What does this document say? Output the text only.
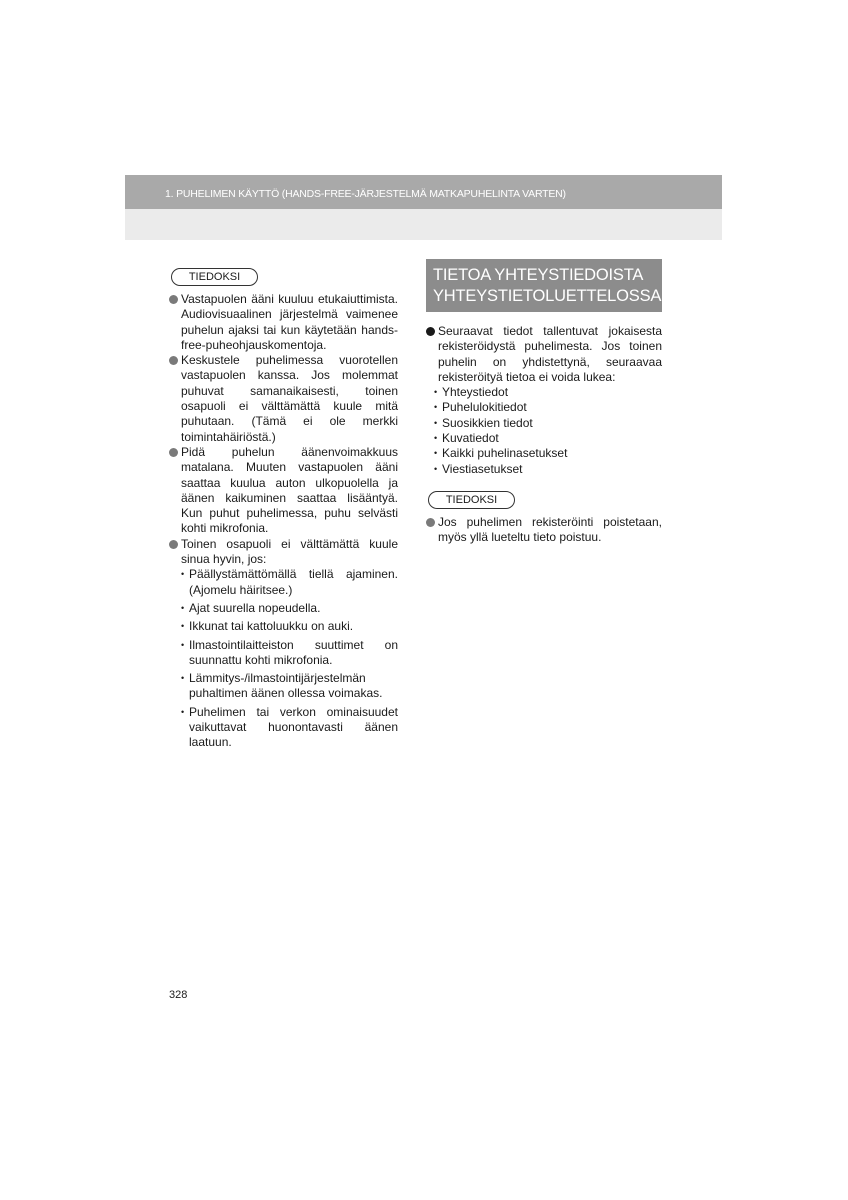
1. PUHELIMEN KÄYTTÖ (HANDS-FREE-JÄRJESTELMÄ MATKAPUHELINTA VARTEN)
TIEDOKSI
Vastapuolen ääni kuuluu etukaiuttimista. Audiovisuaalinen järjestelmä vaimenee puhelun ajaksi tai kun käytetään hands-free-puheohjauskomentoja.
Keskustele puhelimessa vuorotellen vastapuolen kanssa. Jos molemmat puhuvat samanaikaisesti, toinen osapuoli ei välttämättä kuule mitä puhutaan. (Tämä ei ole merkki toimintahäiriöstä.)
Pidä puhelun äänenvoimakkuus matalana. Muuten vastapuolen ääni saattaa kuulua auton ulkopuolella ja äänen kaikuminen saattaa lisääntyä. Kun puhut puhelimessa, puhu selvästi kohti mikrofonia.
Toinen osapuoli ei välttämättä kuule sinua hyvin, jos:
• Päällystämättömällä tiellä ajaminen. (Ajomelu häiritsee.)
• Ajat suurella nopeudella.
• Ikkunat tai kattoluukku on auki.
• Ilmastointilaitteiston suuttimet on suunnattu kohti mikrofonia.
• Lämmitys-/ilmastointijärjestelmän puhaltimen äänen ollessa voimakas.
• Puhelimen tai verkon ominaisuudet vaikuttavat huonontavasti äänen laatuun.
TIETOA YHTEYSTIEDOISTA YHTEYSTIETOLUETTELOSSA
Seuraavat tiedot tallentuvat jokaisesta rekisteröidystä puhelimesta. Jos toinen puhelin on yhdistettynä, seuraavaa rekisteröityä tietoa ei voida lukea:
• Yhteystiedot
• Puhelulokitiedot
• Suosikkien tiedot
• Kuvatiedot
• Kaikki puhelinasetukset
• Viestiasetukset
TIEDOKSI
Jos puhelimen rekisteröinti poistetaan, myös yllä lueteltu tieto poistuu.
328
